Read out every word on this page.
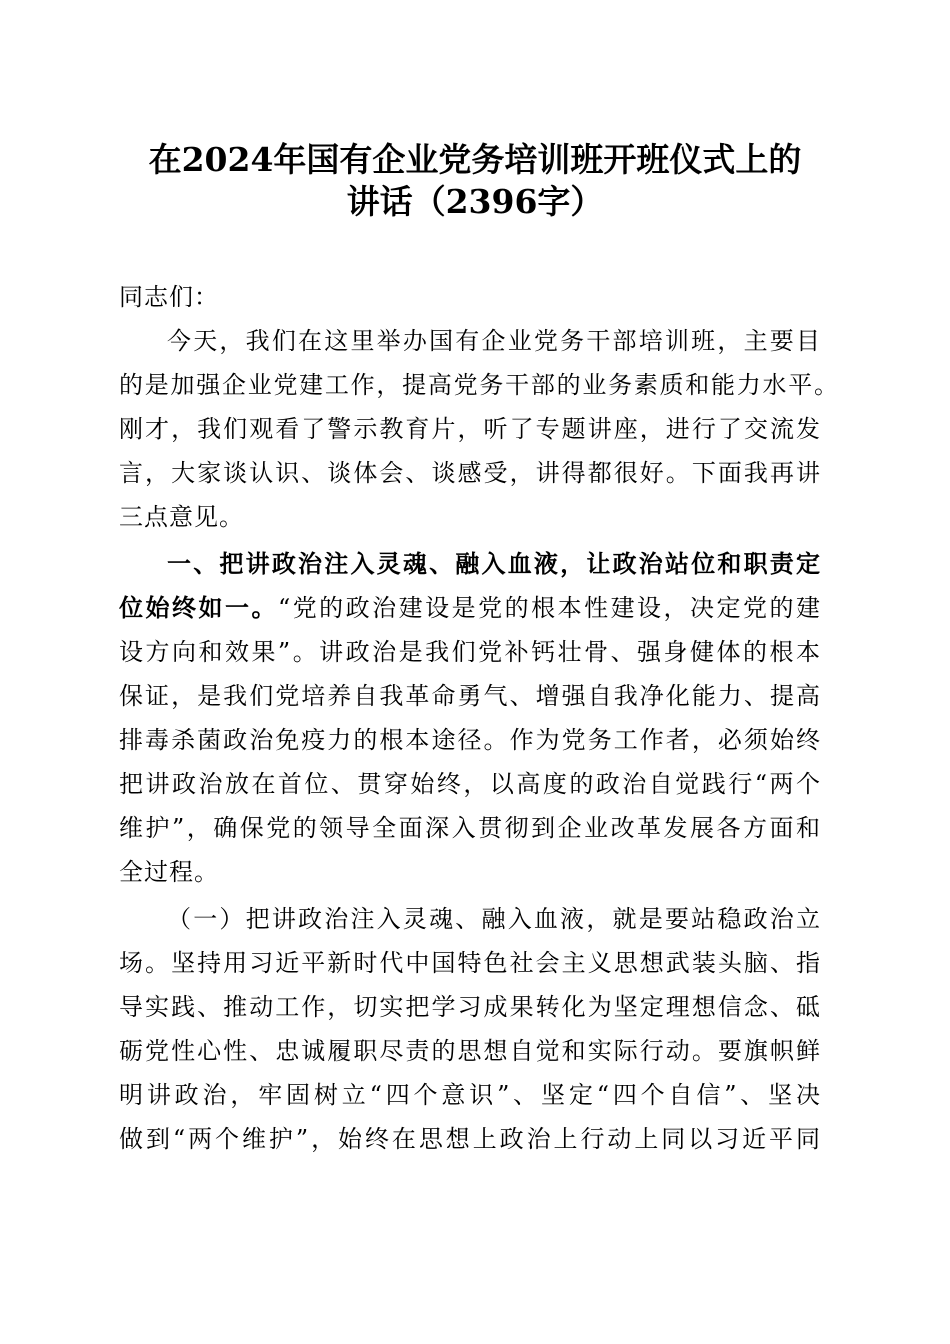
在2024年国有企业党务培训班开班仪式上的
讲话（2396字）
同志们：
今天，我们在这里举办国有企业党务干部培训班，主要目
的是加强企业党建工作，提高党务干部的业务素质和能力水平。
刚才，我们观看了警示教育片，听了专题讲座，进行了交流发
言，大家谈认识、谈体会、谈感受，讲得都很好。下面我再讲
三点意见。
一、把讲政治注入灵魂、融入血液，让政治站位和职责定
位始终如一。“党的政治建设是党的根本性建设，决定党的建
设方向和效果”。讲政治是我们党补钙壮骨、强身健体的根本
保证，是我们党培养自我革命勇气、增强自我净化能力、提高
排毒杀菌政治免疫力的根本途径。作为党务工作者，必须始终
把讲政治放在首位、贯穿始终，以高度的政治自觉践行“两个
维护”，确保党的领导全面深入贯彻到企业改革发展各方面和
全过程。
（一）把讲政治注入灵魂、融入血液，就是要站稳政治立
场。坚持用习近平新时代中国特色社会主义思想武装头脑、指
导实践、推动工作，切实把学习成果转化为坚定理想信念、砥
砺党性心性、忠诚履职尽责的思想自觉和实际行动。要旗帜鲜
明讲政治，牢固树立“四个意识”、坚定“四个自信”、坚决
做到“两个维护”，始终在思想上政治上行动上同以习近平同
